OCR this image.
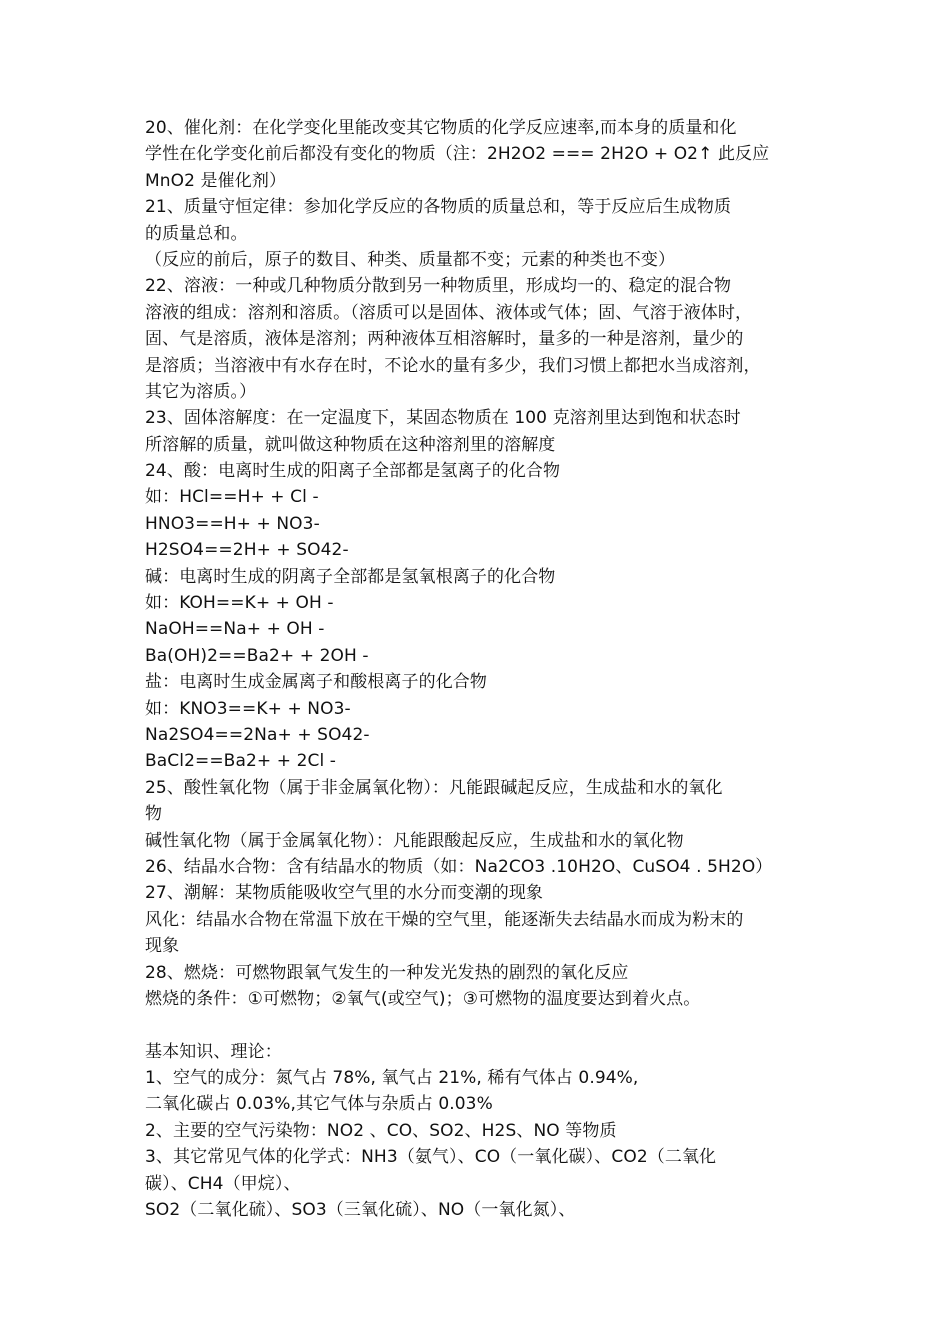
20、催化剂：在化学变化里能改变其它物质的化学反应速率,而本身的质量和化
学性在化学变化前后都没有变化的物质（注：2H2O2 === 2H2O + O2↑ 此反应
MnO2 是催化剂）
21、质量守恒定律：参加化学反应的各物质的质量总和，等于反应后生成物质
的质量总和。
（反应的前后，原子的数目、种类、质量都不变；元素的种类也不变）
22、溶液：一种或几种物质分散到另一种物质里，形成均一的、稳定的混合物
溶液的组成：溶剂和溶质。（溶质可以是固体、液体或气体；固、气溶于液体时，
固、气是溶质，液体是溶剂；两种液体互相溶解时，量多的一种是溶剂，量少的
是溶质；当溶液中有水存在时，不论水的量有多少，我们习惯上都把水当成溶剂，
其它为溶质。）
23、固体溶解度：在一定温度下，某固态物质在 100 克溶剂里达到饱和状态时
所溶解的质量，就叫做这种物质在这种溶剂里的溶解度
24、酸：电离时生成的阳离子全部都是氢离子的化合物
如：HCl==H+ + Cl -
HNO3==H+ + NO3-
H2SO4==2H+ + SO42-
碱：电离时生成的阴离子全部都是氢氧根离子的化合物
如：KOH==K+ + OH -
NaOH==Na+ + OH -
Ba(OH)2==Ba2+ + 2OH -
盐：电离时生成金属离子和酸根离子的化合物
如：KNO3==K+ + NO3-
Na2SO4==2Na+ + SO42-
BaCl2==Ba2+ + 2Cl -
25、酸性氧化物（属于非金属氧化物）：凡能跟碱起反应，生成盐和水的氧化
物
碱性氧化物（属于金属氧化物）：凡能跟酸起反应，生成盐和水的氧化物
26、结晶水合物：含有结晶水的物质（如：Na2CO3 .10H2O、CuSO4 . 5H2O）
27、潮解：某物质能吸收空气里的水分而变潮的现象
风化：结晶水合物在常温下放在干燥的空气里，能逐渐失去结晶水而成为粉末的
现象
28、燃烧：可燃物跟氧气发生的一种发光发热的剧烈的氧化反应
燃烧的条件：①可燃物；②氧气(或空气)；③可燃物的温度要达到着火点。
基本知识、理论：
1、空气的成分：氮气占 78%, 氧气占 21%, 稀有气体占 0.94%,
二氧化碳占 0.03%,其它气体与杂质占 0.03%
2、主要的空气污染物：NO2 、CO、SO2、H2S、NO 等物质
3、其它常见气体的化学式：NH3（氨气）、CO（一氧化碳）、CO2（二氧化
碳）、CH4（甲烷）、
SO2（二氧化硫）、SO3（三氧化硫）、NO（一氧化氮）、
